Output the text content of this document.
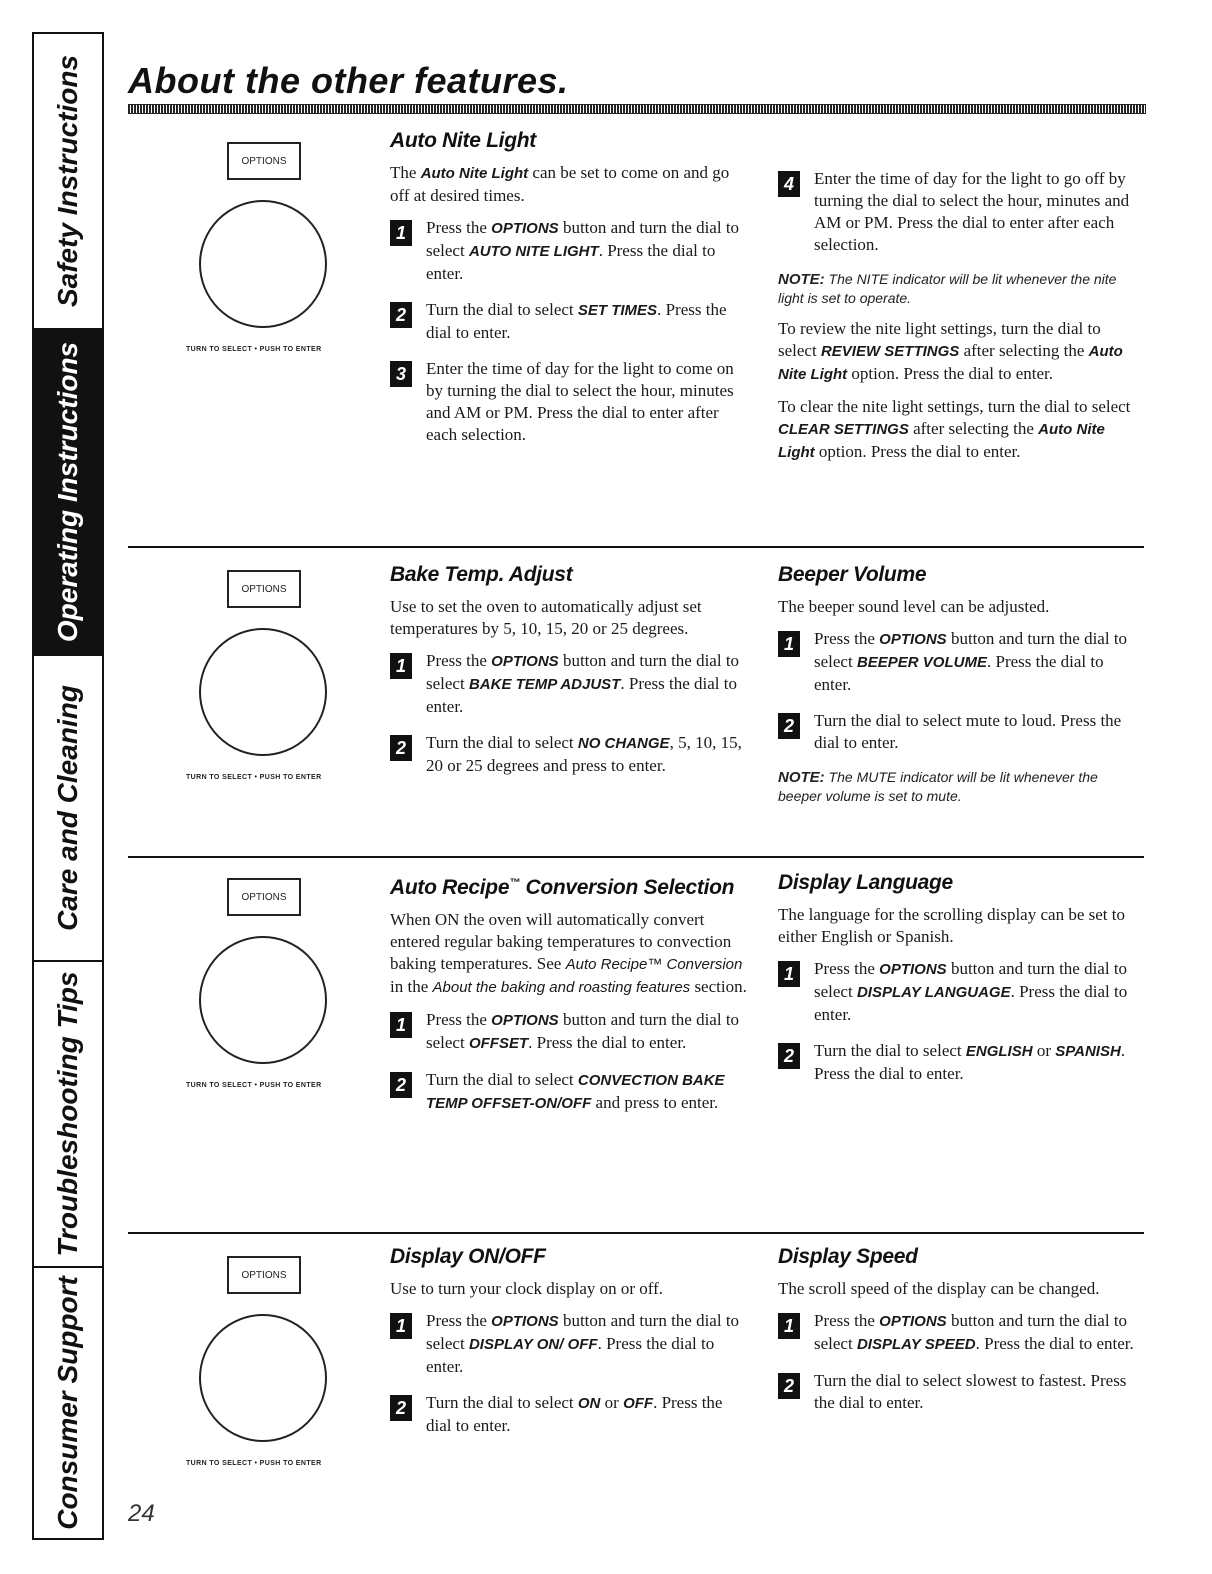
Safety Instructions
Operating Instructions
Care and Cleaning
Troubleshooting Tips
Consumer Support
About the other features.
OPTIONS
TURN TO SELECT • PUSH TO ENTER
OPTIONS
TURN TO SELECT • PUSH TO ENTER
OPTIONS
TURN TO SELECT • PUSH TO ENTER
OPTIONS
TURN TO SELECT • PUSH TO ENTER
Auto Nite Light

The Auto Nite Light can be set to come on and go off at desired times.

1	Press the OPTIONS button and turn the dial to select AUTO NITE LIGHT. Press the dial to enter.
2	Turn the dial to select SET TIMES. Press the dial to enter.
3	Enter the time of day for the light to come on by turning the dial to select the hour, minutes and AM or PM. Press the dial to enter after each selection.
4	Enter the time of day for the light to go off by turning the dial to select the hour, minutes and AM or PM. Press the dial to enter after each selection.

NOTE: The NITE indicator will be lit whenever the nite light is set to operate.

To review the nite light settings, turn the dial to select REVIEW SETTINGS after selecting the Auto Nite Light option. Press the dial to enter.

To clear the nite light settings, turn the dial to select CLEAR SETTINGS after selecting the Auto Nite Light option. Press the dial to enter.

Bake Temp. Adjust

Use to set the oven to automatically adjust set temperatures by 5, 10, 15, 20 or 25 degrees.

1	Press the OPTIONS button and turn the dial to select BAKE TEMP ADJUST. Press the dial to enter.
2	Turn the dial to select NO CHANGE, 5, 10, 15, 20 or 25 degrees and press to enter.
Beeper Volume

The beeper sound level can be adjusted.

1	Press the OPTIONS button and turn the dial to select BEEPER VOLUME. Press the dial to enter.
2	Turn the dial to select mute to loud. Press the dial to enter.

NOTE: The MUTE indicator will be lit whenever the beeper volume is set to mute.

Auto Recipe™ Conversion Selection

When ON the oven will automatically convert entered regular baking temperatures to convection baking temperatures. See Auto Recipe™ Conversion in the About the baking and roasting features section.

1	Press the OPTIONS button and turn the dial to select OFFSET. Press the dial to enter.
2	Turn the dial to select CONVECTION BAKE TEMP OFFSET-ON/OFF and press to enter.
Display Language

The language for the scrolling display can be set to either English or Spanish.

1	Press the OPTIONS button and turn the dial to select DISPLAY LANGUAGE. Press the dial to enter.
2	Turn the dial to select ENGLISH or SPANISH. Press the dial to enter.
Display ON/OFF

Use to turn your clock display on or off.

1	Press the OPTIONS button and turn the dial to select DISPLAY ON/ OFF. Press the dial to enter.
2	Turn the dial to select ON or OFF. Press the dial to enter.
Display Speed

The scroll speed of the display can be changed.

1	Press the OPTIONS button and turn the dial to select DISPLAY SPEED. Press the dial to enter.
2	Turn the dial to select slowest to fastest. Press the dial to enter.
24
